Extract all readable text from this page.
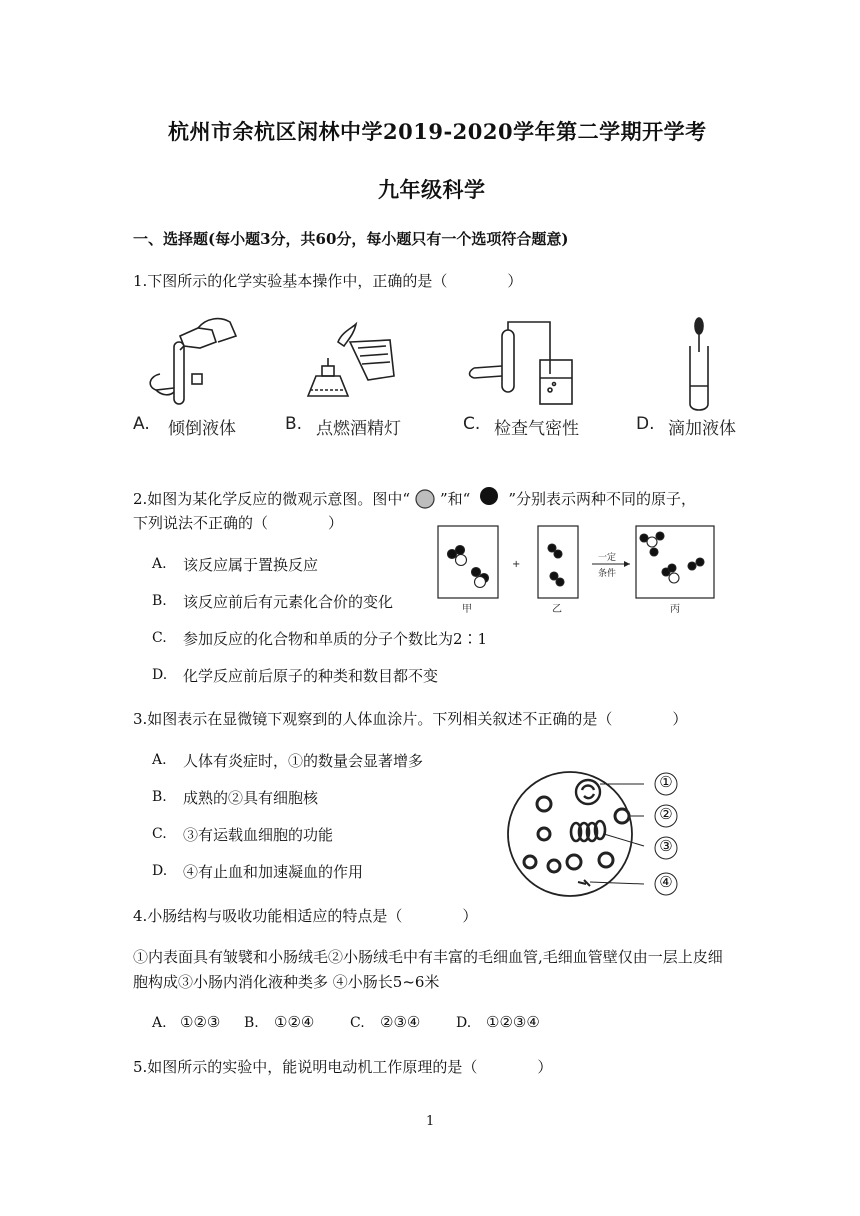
杭州市余杭区闲林中学2019-2020学年第二学期开学考
九年级科学
一、选择题(每小题3分，共60分，每小题只有一个选项符合题意)
1.下图所示的化学实验基本操作中，正确的是（　　　　）
A. 倾倒液体	B. 点燃酒精灯	C. 检查气密性	D. 滴加液体
2.如图为某化学反应的微观示意图。图中“ ”和“	”分别表示两种不同的原子，
下列说法不正确的（　　　　）
A. 该反应属于置换反应
B. 该反应前后有元素化合价的变化
C. 参加反应的化合物和单质的分子个数比为2∶1
D. 化学反应前后原子的种类和数目都不变
+
一定
条件
甲	乙	丙
3.如图表示在显微镜下观察到的人体血涂片。下列相关叙述不正确的是（　　　　）
A. 人体有炎症时，①的数量会显著增多
B. 成熟的②具有细胞核
C. ③有运载血细胞的功能
D. ④有止血和加速凝血的作用
①
②
③
④
4.小肠结构与吸收功能相适应的特点是（　　　　）
①内表面具有皱襞和小肠绒毛②小肠绒毛中有丰富的毛细血管,毛细血管壁仅由一层上皮细
胞构成③小肠内消化液种类多 ④小肠长5~6米
A. ①②③ B. ①②④	C. ②③④	D. ①②③④
5.如图所示的实验中，能说明电动机工作原理的是（　　　　）
1
